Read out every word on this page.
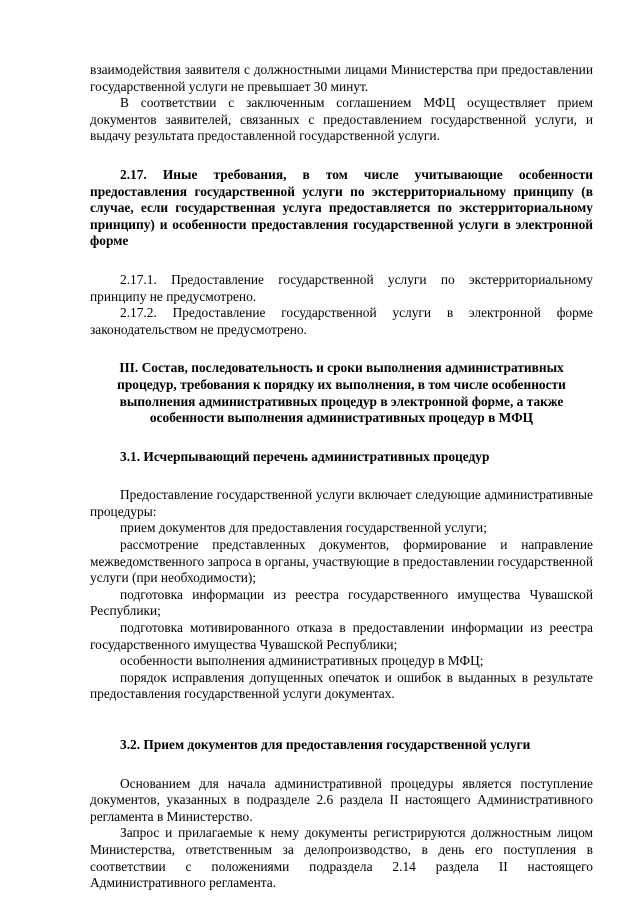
взаимодействия заявителя с должностными лицами Министерства при предоставлении государственной услуги не превышает 30 минут.

В соответствии с заключенным соглашением МФЦ осуществляет прием документов заявителей, связанных с предоставлением государственной услуги, и выдачу результата предоставленной государственной услуги.

2.17. Иные требования, в том числе учитывающие особенности предоставления государственной услуги по экстерриториальному принципу (в случае, если государственная услуга предоставляется по экстерриториальному принципу) и особенности предоставления государственной услуги в электронной форме

2.17.1. Предоставление государственной услуги по экстерриториальному принципу не предусмотрено.

2.17.2. Предоставление государственной услуги в электронной форме законодательством не предусмотрено.

III. Состав, последовательность и сроки выполнения административных процедур, требования к порядку их выполнения, в том числе особенности выполнения административных процедур в электронной форме, а также особенности выполнения административных процедур в МФЦ

3.1. Исчерпывающий перечень административных процедур

Предоставление государственной услуги включает следующие административные процедуры:

прием документов для предоставления государственной услуги;

рассмотрение представленных документов, формирование и направление межведомственного запроса в органы, участвующие в предоставлении государственной услуги (при необходимости);

подготовка информации из реестра государственного имущества Чувашской Республики;

подготовка мотивированного отказа в предоставлении информации из реестра государственного имущества Чувашской Республики;

особенности выполнения административных процедур в МФЦ;

порядок исправления допущенных опечаток и ошибок в выданных в результате предоставления государственной услуги документах.

3.2. Прием документов для предоставления государственной услуги

Основанием для начала административной процедуры является поступление документов, указанных в подразделе 2.6 раздела II настоящего Административного регламента в Министерство.

Запрос и прилагаемые к нему документы регистрируются должностным лицом Министерства, ответственным за делопроизводство, в день его поступления в соответствии с положениями подраздела 2.14 раздела II настоящего Административного регламента.
